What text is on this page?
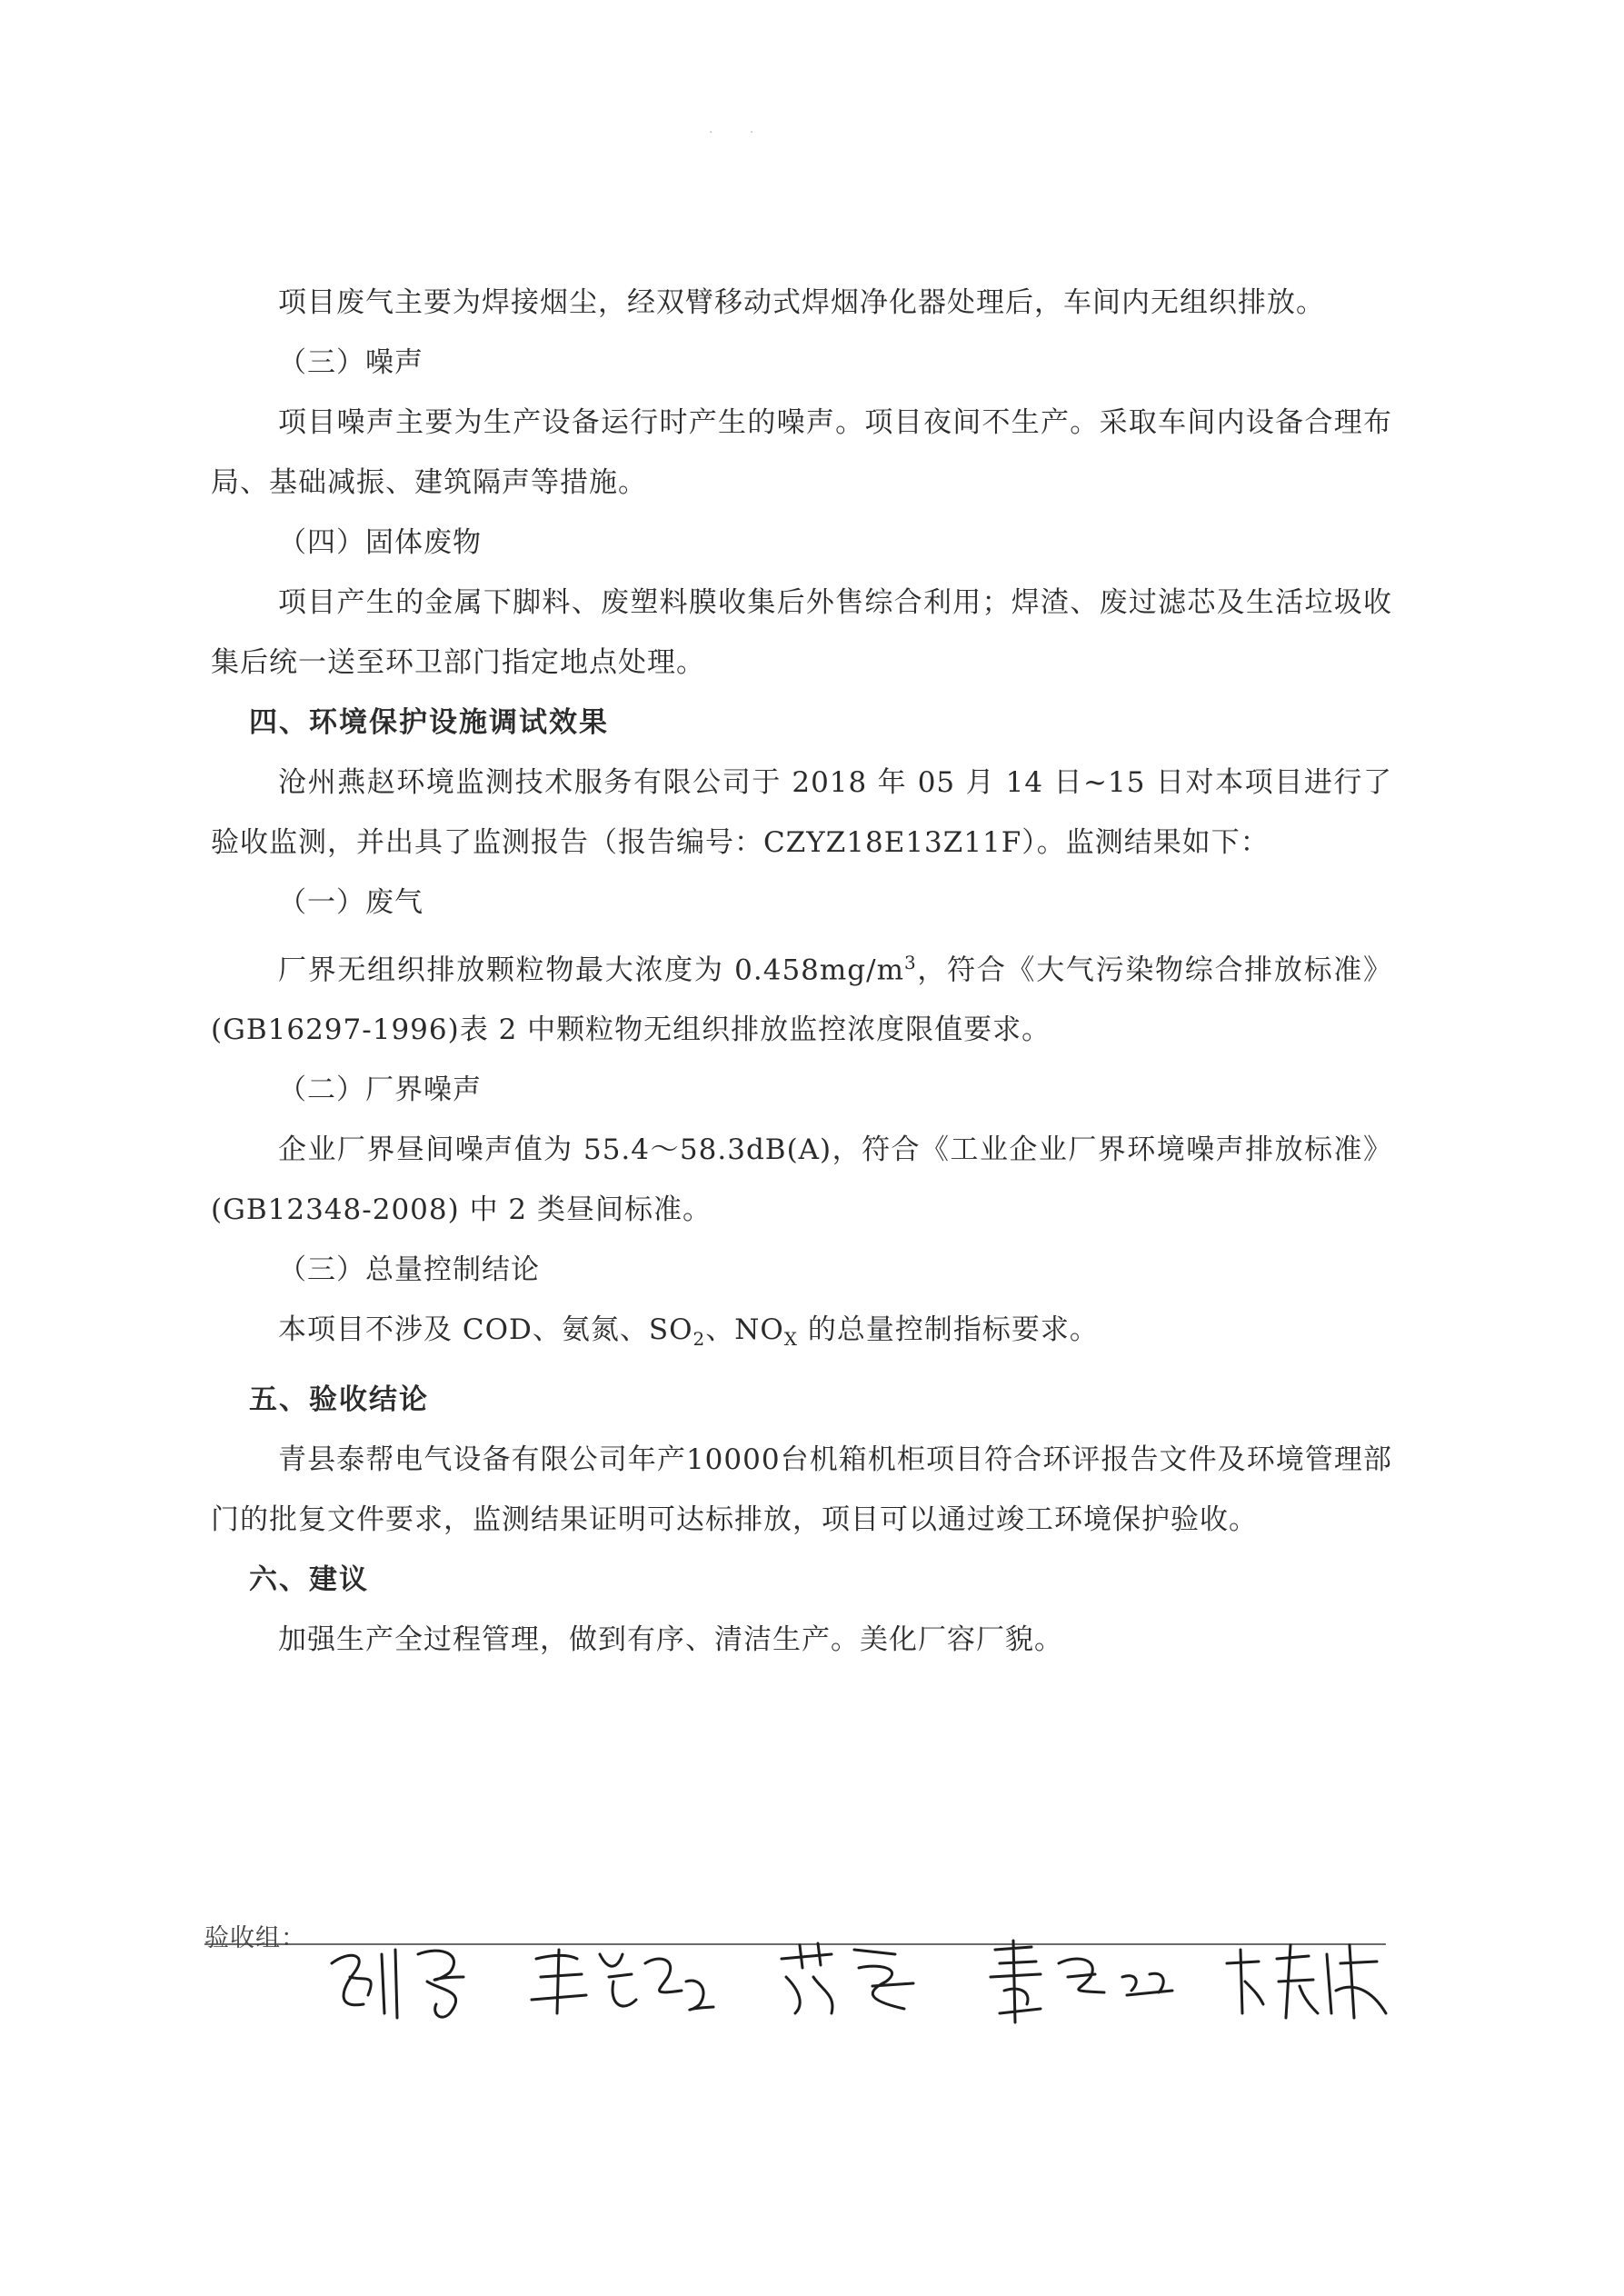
· ·

项目废气主要为焊接烟尘，经双臂移动式焊烟净化器处理后，车间内无组织排放。

（三）噪声

项目噪声主要为生产设备运行时产生的噪声。项目夜间不生产。采取车间内设备合理布局、基础减振、建筑隔声等措施。

（四）固体废物

项目产生的金属下脚料、废塑料膜收集后外售综合利用；焊渣、废过滤芯及生活垃圾收集后统一送至环卫部门指定地点处理。

四、环境保护设施调试效果

沧州燕赵环境监测技术服务有限公司于 2018 年 05 月 14 日~15 日对本项目进行了验收监测，并出具了监测报告（报告编号：CZYZ18E13Z11F）。监测结果如下：

（一）废气

厂界无组织排放颗粒物最大浓度为 $0.458mg/m^3$，符合《大气污染物综合排放标准》(GB16297-1996)表 2 中颗粒物无组织排放监控浓度限值要求。

（二）厂界噪声

企业厂界昼间噪声值为 55.4～58.3dB(A)，符合《工业企业厂界环境噪声排放标准》(GB12348-2008) 中 2 类昼间标准。

（三）总量控制结论

本项目不涉及 COD、氨氮、$SO_2$、$NO_X$ 的总量控制指标要求。

五、验收结论

青县泰帮电气设备有限公司年产10000台机箱机柜项目符合环评报告文件及环境管理部门的批复文件要求，监测结果证明可达标排放，项目可以通过竣工环境保护验收。

六、建议

加强生产全过程管理，做到有序、清洁生产。美化厂容厂貌。

验收组：
